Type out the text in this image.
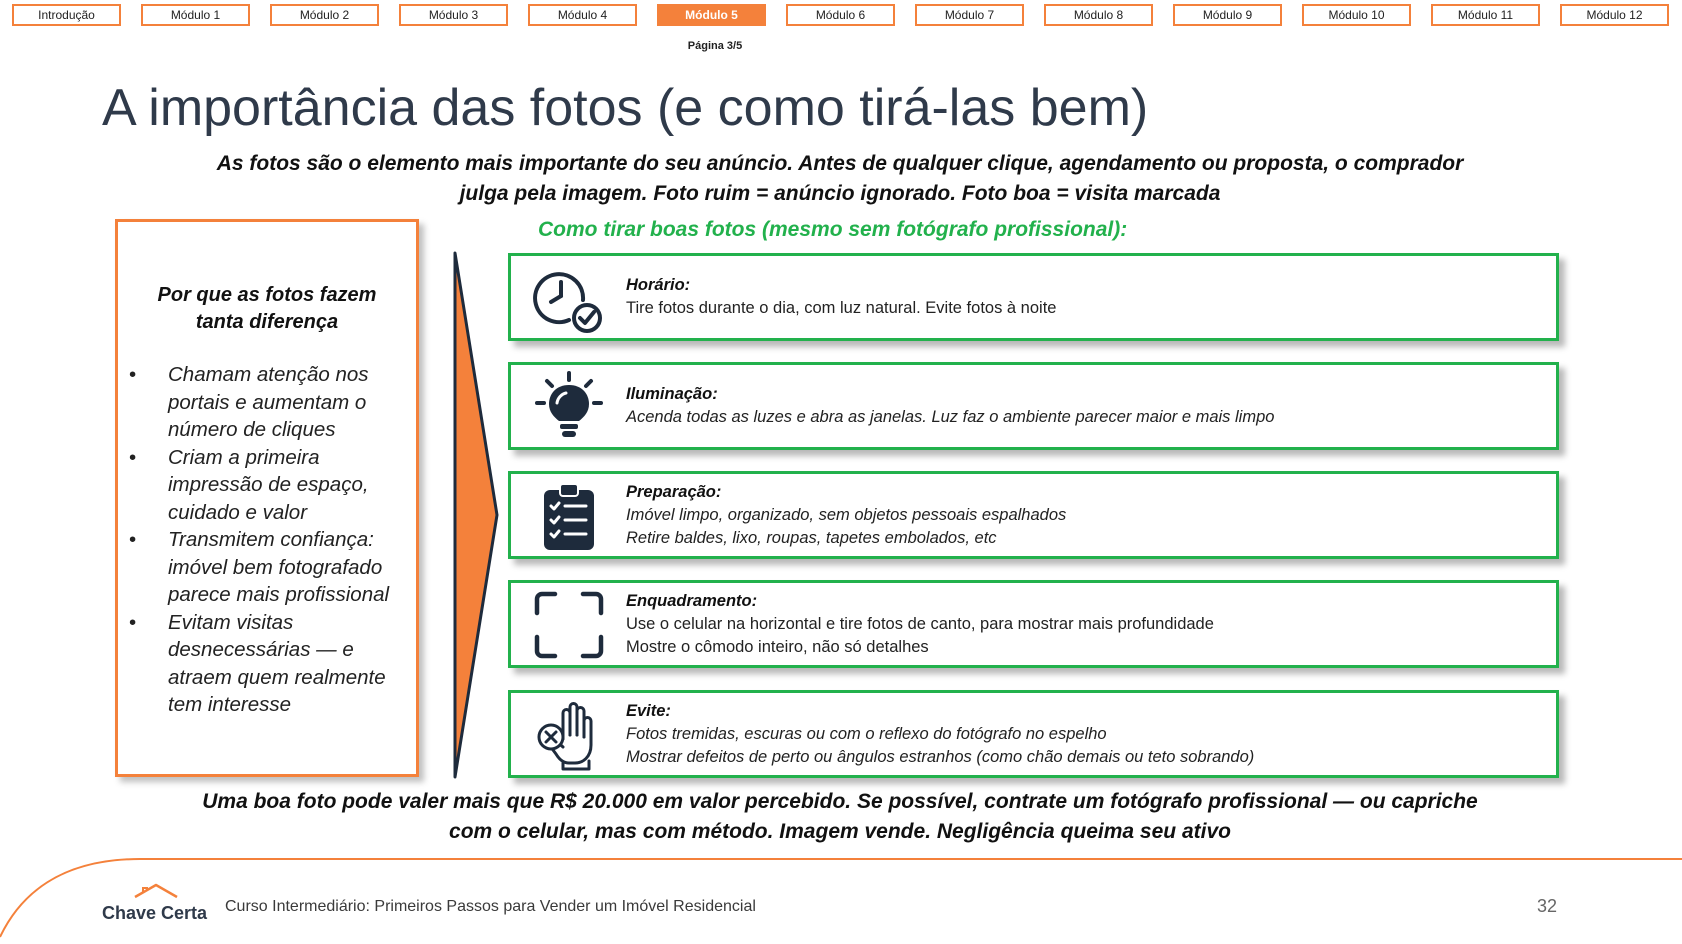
Introdução	Módulo 1	Módulo 2	Módulo 3	Módulo 4	Módulo 5	Módulo 6	Módulo 7	Módulo 8	Módulo 9	Módulo 10	Módulo 11	Módulo 12
Página 3/5
A importância das fotos (e como tirá-las bem)
As fotos são o elemento mais importante do seu anúncio. Antes de qualquer clique, agendamento ou proposta, o comprador
julga pela imagem. Foto ruim = anúncio ignorado. Foto boa = visita marcada
Por que as fotos fazem
tanta diferença
• Chamam atenção nos
portais e aumentam o
número de cliques
• Criam a primeira
impressão de espaço,
cuidado e valor
• Transmitem confiança:
imóvel bem fotografado
parece mais profissional
• Evitam visitas
desnecessárias — e
atraem quem realmente
tem interesse
Como tirar boas fotos (mesmo sem fotógrafo profissional):
Horário:
Tire fotos durante o dia, com luz natural. Evite fotos à noite
Iluminação:
Acenda todas as luzes e abra as janelas. Luz faz o ambiente parecer maior e mais limpo
Preparação:
Imóvel limpo, organizado, sem objetos pessoais espalhados
Retire baldes, lixo, roupas, tapetes embolados, etc
Enquadramento:
Use o celular na horizontal e tire fotos de canto, para mostrar mais profundidade
Mostre o cômodo inteiro, não só detalhes
Evite:
Fotos tremidas, escuras ou com o reflexo do fotógrafo no espelho
Mostrar defeitos de perto ou ângulos estranhos (como chão demais ou teto sobrando)
Uma boa foto pode valer mais que R$ 20.000 em valor percebido. Se possível, contrate um fotógrafo profissional — ou capriche
com o celular, mas com método. Imagem vende. Negligência queima seu ativo
Chave Certa Curso Intermediário: Primeiros Passos para Vender um Imóvel Residencial	32
